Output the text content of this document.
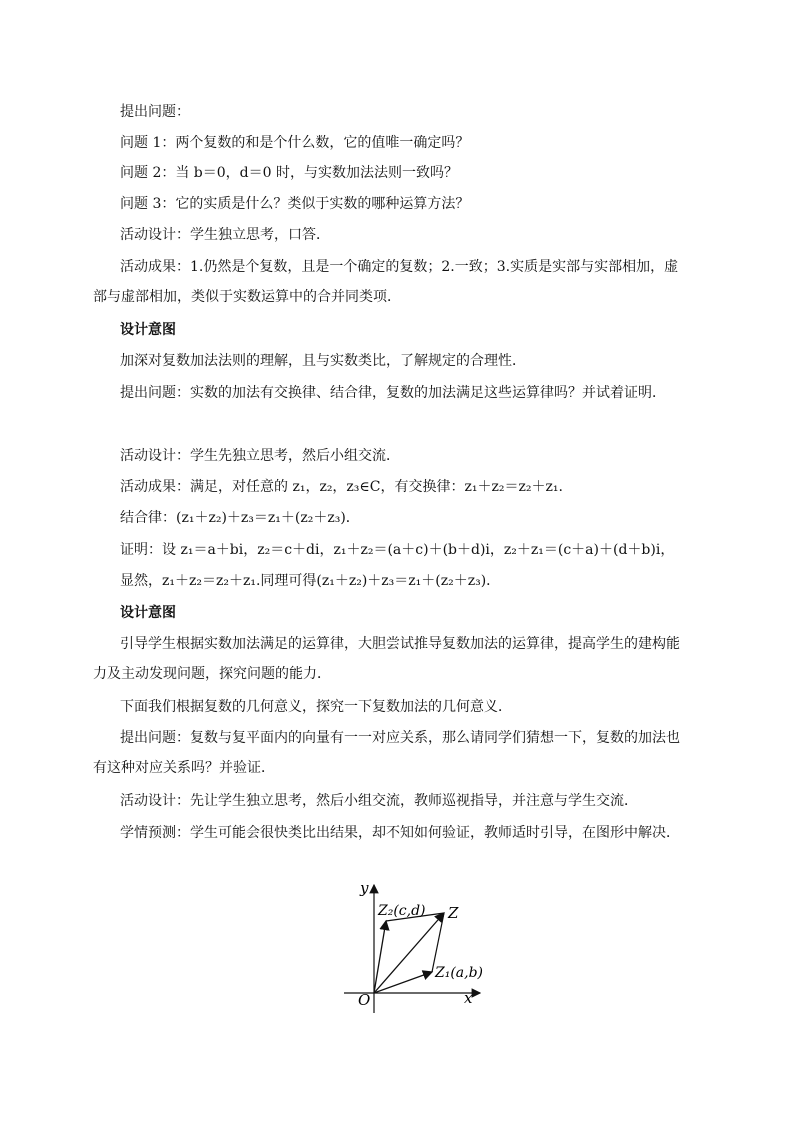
提出问题：
问题 1：两个复数的和是个什么数，它的值唯一确定吗？
问题 2：当 b＝0，d＝0 时，与实数加法法则一致吗？
问题 3：它的实质是什么？类似于实数的哪种运算方法？
活动设计：学生独立思考，口答．
活动成果：1.仍然是个复数，且是一个确定的复数；2.一致；3.实质是实部与实部相加，虚部与虚部相加，类似于实数运算中的合并同类项．
设计意图
加深对复数加法法则的理解，且与实数类比，了解规定的合理性．
提出问题：实数的加法有交换律、结合律，复数的加法满足这些运算律吗？并试着证明．
活动设计：学生先独立思考，然后小组交流．
活动成果：满足，对任意的 z₁，z₂，z₃∈C，有交换律：z₁＋z₂＝z₂＋z₁.
结合律：(z₁＋z₂)＋z₃＝z₁＋(z₂＋z₃)．
证明：设 z₁＝a＋bi，z₂＝c＋di，z₁＋z₂＝(a＋c)＋(b＋d)i，z₂＋z₁＝(c＋a)＋(d＋b)i，
显然，z₁＋z₂＝z₂＋z₁.同理可得(z₁＋z₂)＋z₃＝z₁＋(z₂＋z₃)．
设计意图
引导学生根据实数加法满足的运算律，大胆尝试推导复数加法的运算律，提高学生的建构能力及主动发现问题，探究问题的能力．
下面我们根据复数的几何意义，探究一下复数加法的几何意义．
提出问题：复数与复平面内的向量有一一对应关系，那么请同学们猜想一下，复数的加法也有这种对应关系吗？并验证．
活动设计：先让学生独立思考，然后小组交流，教师巡视指导，并注意与学生交流．
学情预测：学生可能会很快类比出结果，却不知如何验证，教师适时引导，在图形中解决．
y
x
O
Z₂(c,d) Z
Z₁(a,b)
